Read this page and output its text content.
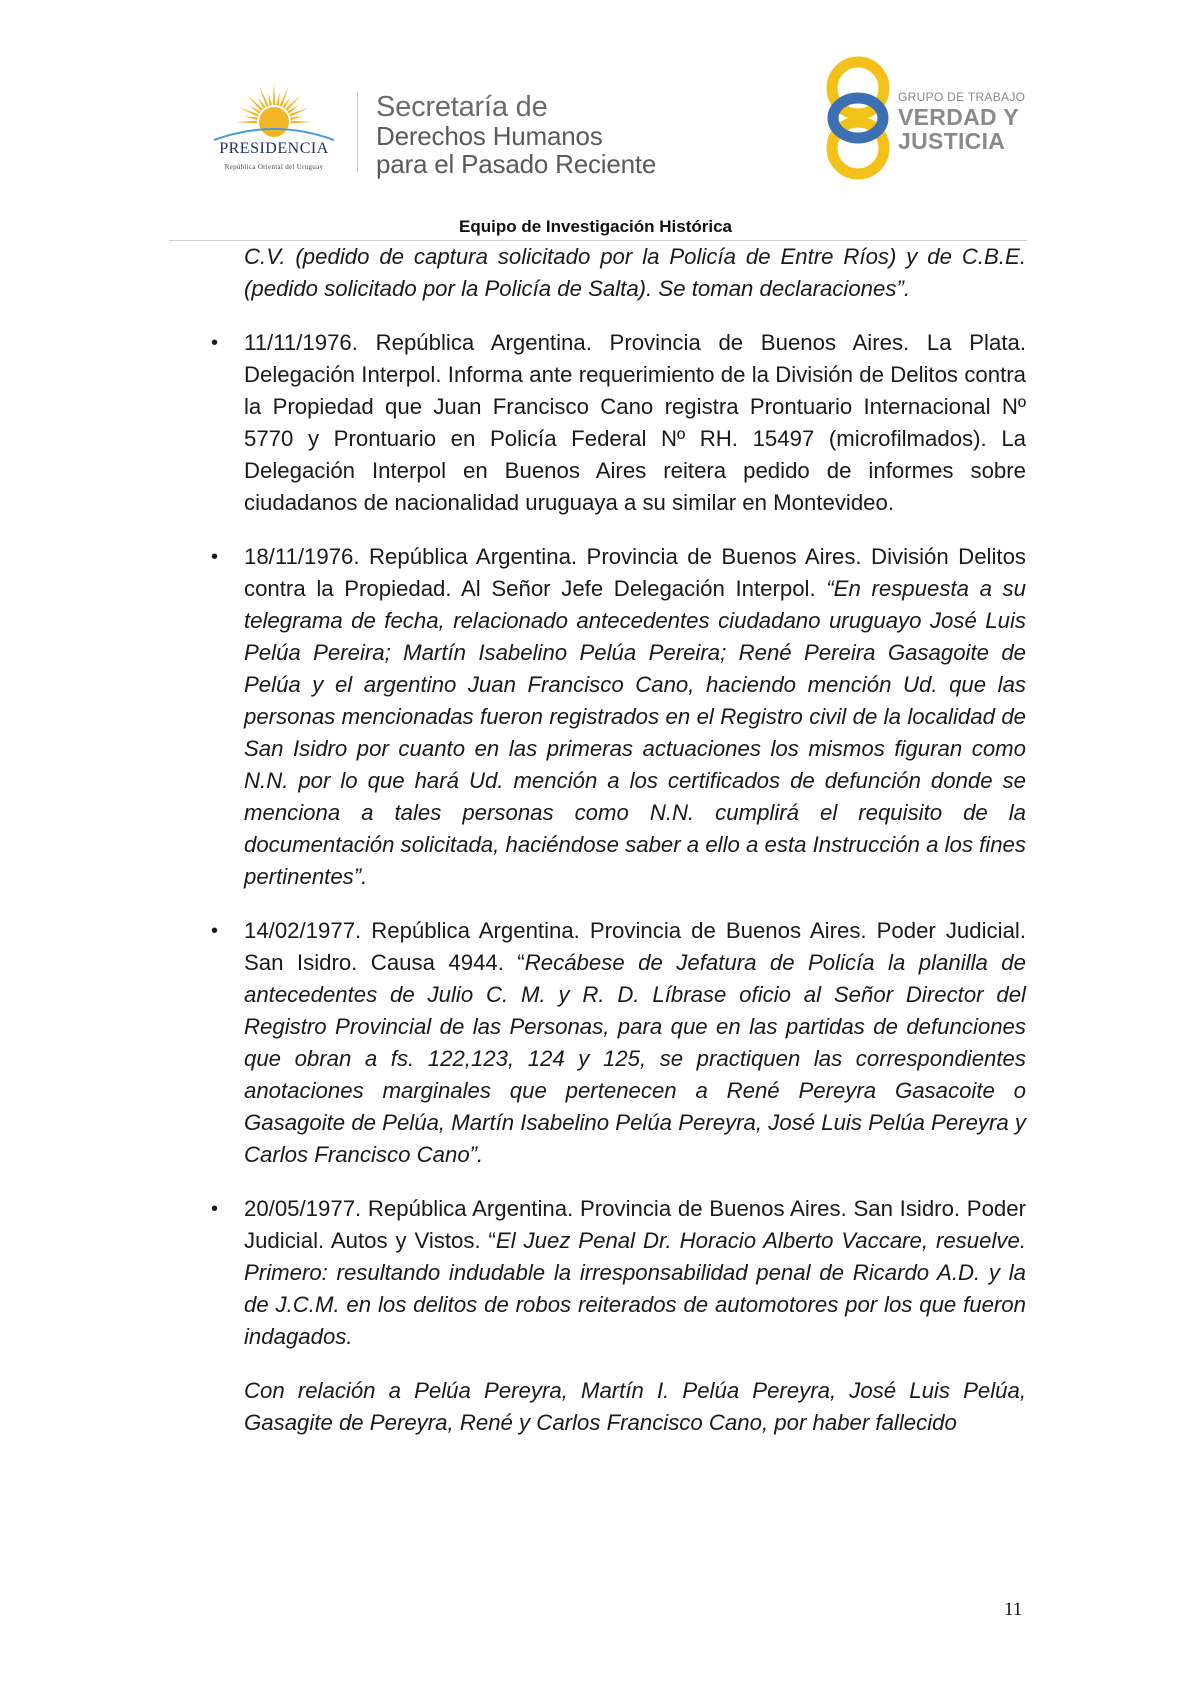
PRESIDENCIA
República Oriental del Uruguay
Secretaría de
Derechos Humanos
para el Pasado Reciente
GRUPO DE TRABAJO
VERDAD Y
JUSTICIA
Equipo de Investigación Histórica

C.V. (pedido de captura solicitado por la Policía de Entre Ríos) y de C.B.E. (pedido solicitado por la Policía de Salta). Se toman declaraciones”.

• 11/11/1976. República Argentina. Provincia de Buenos Aires. La Plata. Delegación Interpol. Informa ante requerimiento de la División de Delitos contra la Propiedad que Juan Francisco Cano registra Prontuario Internacional Nº 5770 y Prontuario en Policía Federal Nº RH. 15497 (microfilmados). La Delegación Interpol en Buenos Aires reitera pedido de informes sobre ciudadanos de nacionalidad uruguaya a su similar en Montevideo.

• 18/11/1976. República Argentina. Provincia de Buenos Aires. División Delitos contra la Propiedad. Al Señor Jefe Delegación Interpol. “En respuesta a su telegrama de fecha, relacionado antecedentes ciudadano uruguayo José Luis Pelúa Pereira; Martín Isabelino Pelúa Pereira; René Pereira Gasagoite de Pelúa y el argentino Juan Francisco Cano, haciendo mención Ud. que las personas mencionadas fueron registrados en el Registro civil de la localidad de San Isidro por cuanto en las primeras actuaciones los mismos figuran como N.N. por lo que hará Ud. mención a los certificados de defunción donde se menciona a tales personas como N.N. cumplirá el requisito de la documentación solicitada, haciéndose saber a ello a esta Instrucción a los fines pertinentes”.

• 14/02/1977. República Argentina. Provincia de Buenos Aires. Poder Judicial. San Isidro. Causa 4944. “Recábese de Jefatura de Policía la planilla de antecedentes de Julio C. M. y R. D. Líbrase oficio al Señor Director del Registro Provincial de las Personas, para que en las partidas de defunciones que obran a fs. 122,123, 124 y 125, se practiquen las correspondientes anotaciones marginales que pertenecen a René Pereyra Gasacoite o Gasagoite de Pelúa, Martín Isabelino Pelúa Pereyra, José Luis Pelúa Pereyra y Carlos Francisco Cano”.

• 20/05/1977. República Argentina. Provincia de Buenos Aires. San Isidro. Poder Judicial. Autos y Vistos. “El Juez Penal Dr. Horacio Alberto Vaccare, resuelve. Primero: resultando indudable la irresponsabilidad penal de Ricardo A.D. y la de J.C.M. en los delitos de robos reiterados de automotores por los que fueron indagados.

Con relación a Pelúa Pereyra, Martín I. Pelúa Pereyra, José Luis Pelúa, Gasagite de Pereyra, René y Carlos Francisco Cano, por haber fallecido

11
